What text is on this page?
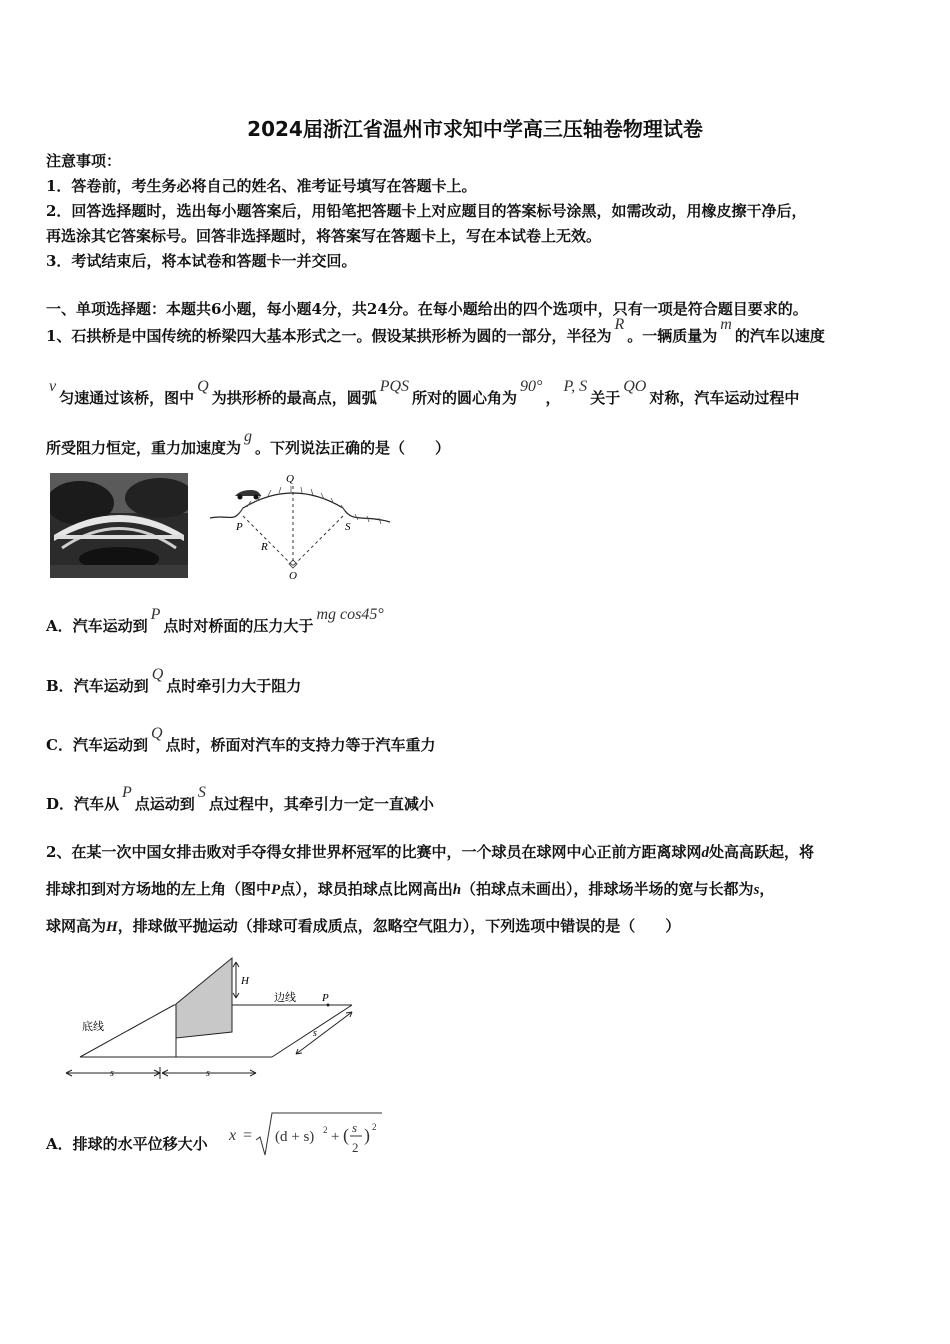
2024届浙江省温州市求知中学高三压轴卷物理试卷
注意事项：
1．答卷前，考生务必将自己的姓名、准考证号填写在答题卡上。
2．回答选择题时，选出每小题答案后，用铅笔把答题卡上对应题目的答案标号涂黑，如需改动，用橡皮擦干净后，
再选涂其它答案标号。回答非选择题时，将答案写在答题卡上，写在本试卷上无效。
3．考试结束后，将本试卷和答题卡一并交回。
一、单项选择题：本题共6小题，每小题4分，共24分。在每小题给出的四个选项中，只有一项是符合题目要求的。
1、石拱桥是中国传统的桥梁四大基本形式之一。假设某拱形桥为圆的一部分，半径为R。一辆质量为m的汽车以速度
v匀速通过该桥，图中Q为拱形桥的最高点，圆弧PQS所对的圆心角为90°，P, S关于QO对称，汽车运动过程中
所受阻力恒定，重力加速度为g。下列说法正确的是（　　）
Q
P	S
R
O
A．汽车运动到P点时对桥面的压力大于mg cos45°
B．汽车运动到Q点时牵引力大于阻力
C．汽车运动到Q点时，桥面对汽车的支持力等于汽车重力
D．汽车从P点运动到S点过程中，其牵引力一定一直减小
2、在某一次中国女排击败对手夺得女排世界杯冠军的比赛中，一个球员在球网中心正前方距离球网d处高高跃起，将
排球扣到对方场地的左上角（图中P点），球员拍球点比网高出h（拍球点未画出），排球场半场的宽与长都为s，
球网高为H，排球做平抛运动（排球可看成质点，忽略空气阻力），下列选项中错误的是（　　）
H
边线 P
底线
s
s	s
A．排球的水平位移大小 x = (d + s) 2 + ( s
2
) 2
